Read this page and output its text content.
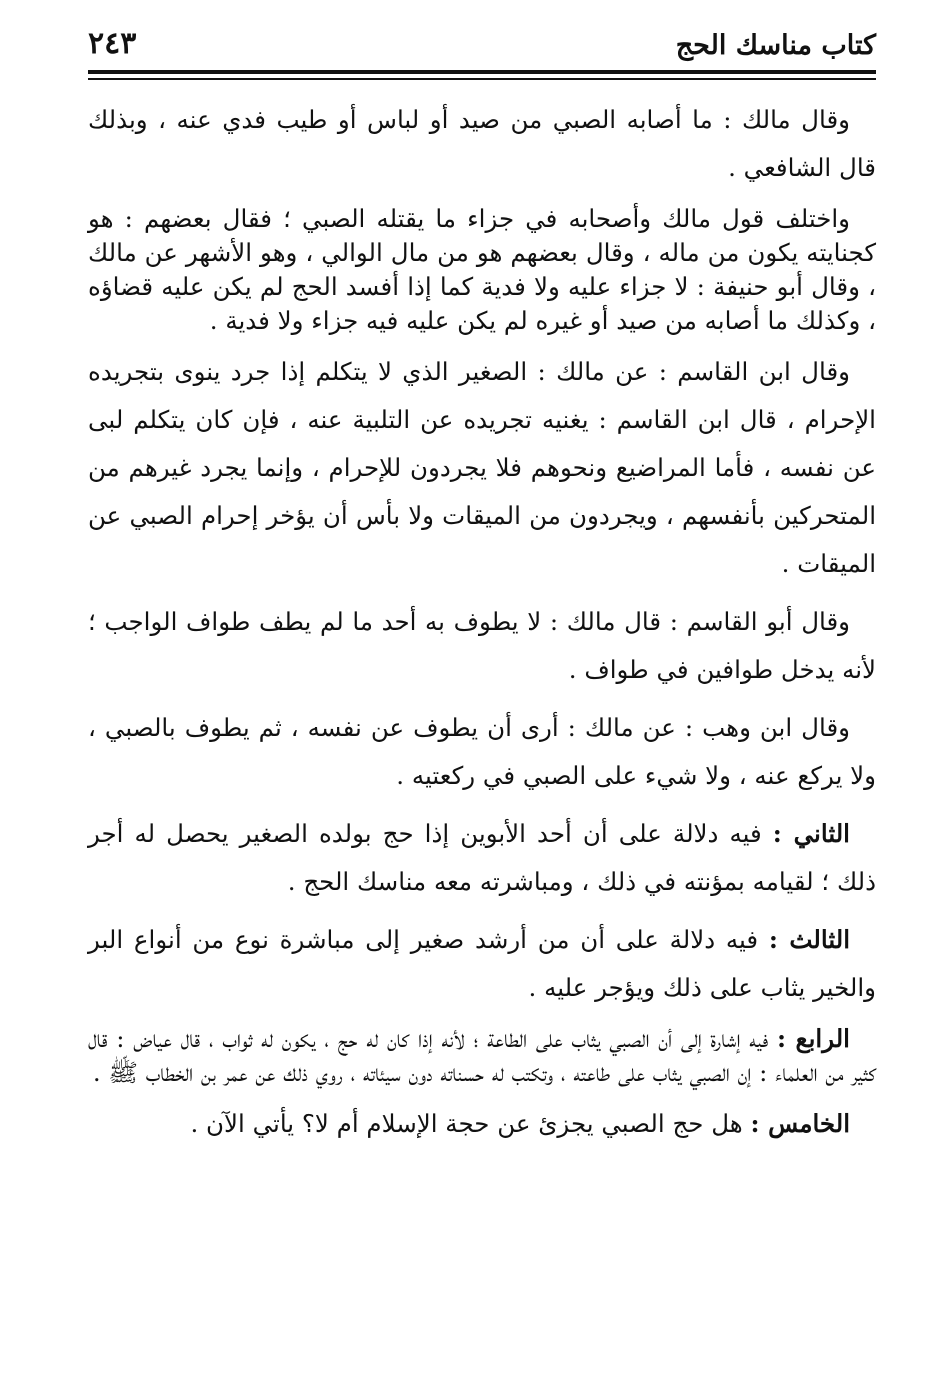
كتاب مناسك الحج
٢٤٣

وقال مالك : ما أصابه الصبي من صيد أو لباس أو طيب فدي عنه ، وبذلك قال الشافعي .

واختلف قول مالك وأصحابه في جزاء ما يقتله الصبي ؛ فقال بعضهم : هو كجنايته يكون من ماله ، وقال بعضهم هو من مال الوالي ، وهو الأشهر عن مالك ، وقال أبو حنيفة : لا جزاء عليه ولا فدية كما إذا أفسد الحج لم يكن عليه قضاؤه ، وكذلك ما أصابه من صيد أو غيره لم يكن عليه فيه جزاء ولا فدية .

وقال ابن القاسم : عن مالك : الصغير الذي لا يتكلم إذا جرد ينوى بتجريده الإحرام ، قال ابن القاسم : يغنيه تجريده عن التلبية عنه ، فإن كان يتكلم لبى عن نفسه ، فأما المراضيع ونحوهم فلا يجردون للإحرام ، وإنما يجرد غيرهم من المتحركين بأنفسهم ، ويجردون من الميقات ولا بأس أن يؤخر إحرام الصبي عن الميقات .

وقال أبو القاسم : قال مالك : لا يطوف به أحد ما لم يطف طواف الواجب ؛ لأنه يدخل طوافين في طواف .

وقال ابن وهب : عن مالك : أرى أن يطوف عن نفسه ، ثم يطوف بالصبي ، ولا يركع عنه ، ولا شيء على الصبي في ركعتيه .

الثاني : فيه دلالة على أن أحد الأبوين إذا حج بولده الصغير يحصل له أجر ذلك ؛ لقيامه بمؤنته في ذلك ، ومباشرته معه مناسك الحج .

الثالث : فيه دلالة على أن من أرشد صغير إلى مباشرة نوع من أنواع البر والخير يثاب على ذلك ويؤجر عليه .

الرابع : فيه إشارة إلى أن الصبي يثاب على الطاعة ؛ لأنه إذا كان له حج ، يكون له ثواب ، قال عياض : قال كثير من العلماء : إن الصبي يثاب على طاعته ، وتكتب له حسناته دون سيئاته ، روي ذلك عن عمر بن الخطاب ﷺ .

الخامس : هل حج الصبي يجزئ عن حجة الإسلام أم لا؟ يأتي الآن .
